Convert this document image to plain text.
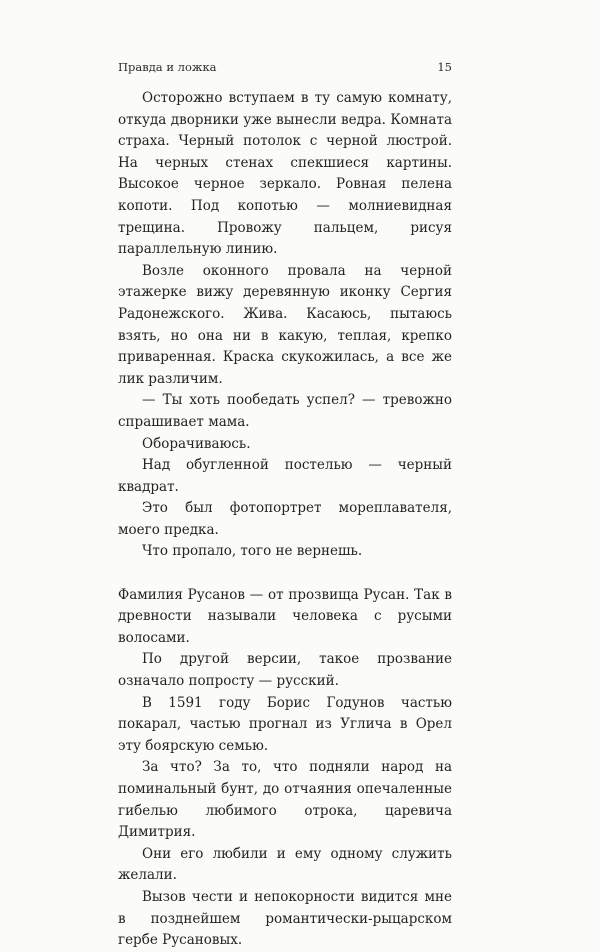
Правда и ложка	15

Осторожно вступаем в ту самую комнату, откуда дворники уже вынесли ведра. Комната страха. Черный потолок с черной люстрой. На черных стенах спекшиеся картины. Высокое черное зеркало. Ровная пелена копоти. Под копотью — молниевидная трещина. Провожу пальцем, рисуя параллельную линию.

Возле оконного провала на черной этажерке вижу деревянную иконку Сергия Радонежского. Жива. Касаюсь, пытаюсь взять, но она ни в какую, теплая, крепко приваренная. Краска скукожилась, а все же лик различим.

— Ты хоть пообедать успел? — тревожно спрашивает мама.

Оборачиваюсь.

Над обугленной постелью — черный квадрат.

Это был фотопортрет мореплавателя, моего предка.

Что пропало, того не вернешь.

Фамилия Русанов — от прозвища Русан. Так в древности называли человека с русыми волосами.

По другой версии, такое прозвание означало попросту — русский.

В 1591 году Борис Годунов частью покарал, частью прогнал из Углича в Орел эту боярскую семью.

За что? За то, что подняли народ на поминальный бунт, до отчаяния опечаленные гибелью любимого отрока, царевича Димитрия.

Они его любили и ему одному служить желали.

Вызов чести и непокорности видится мне в позднейшем романтически-рыцарском гербе Русановых.
